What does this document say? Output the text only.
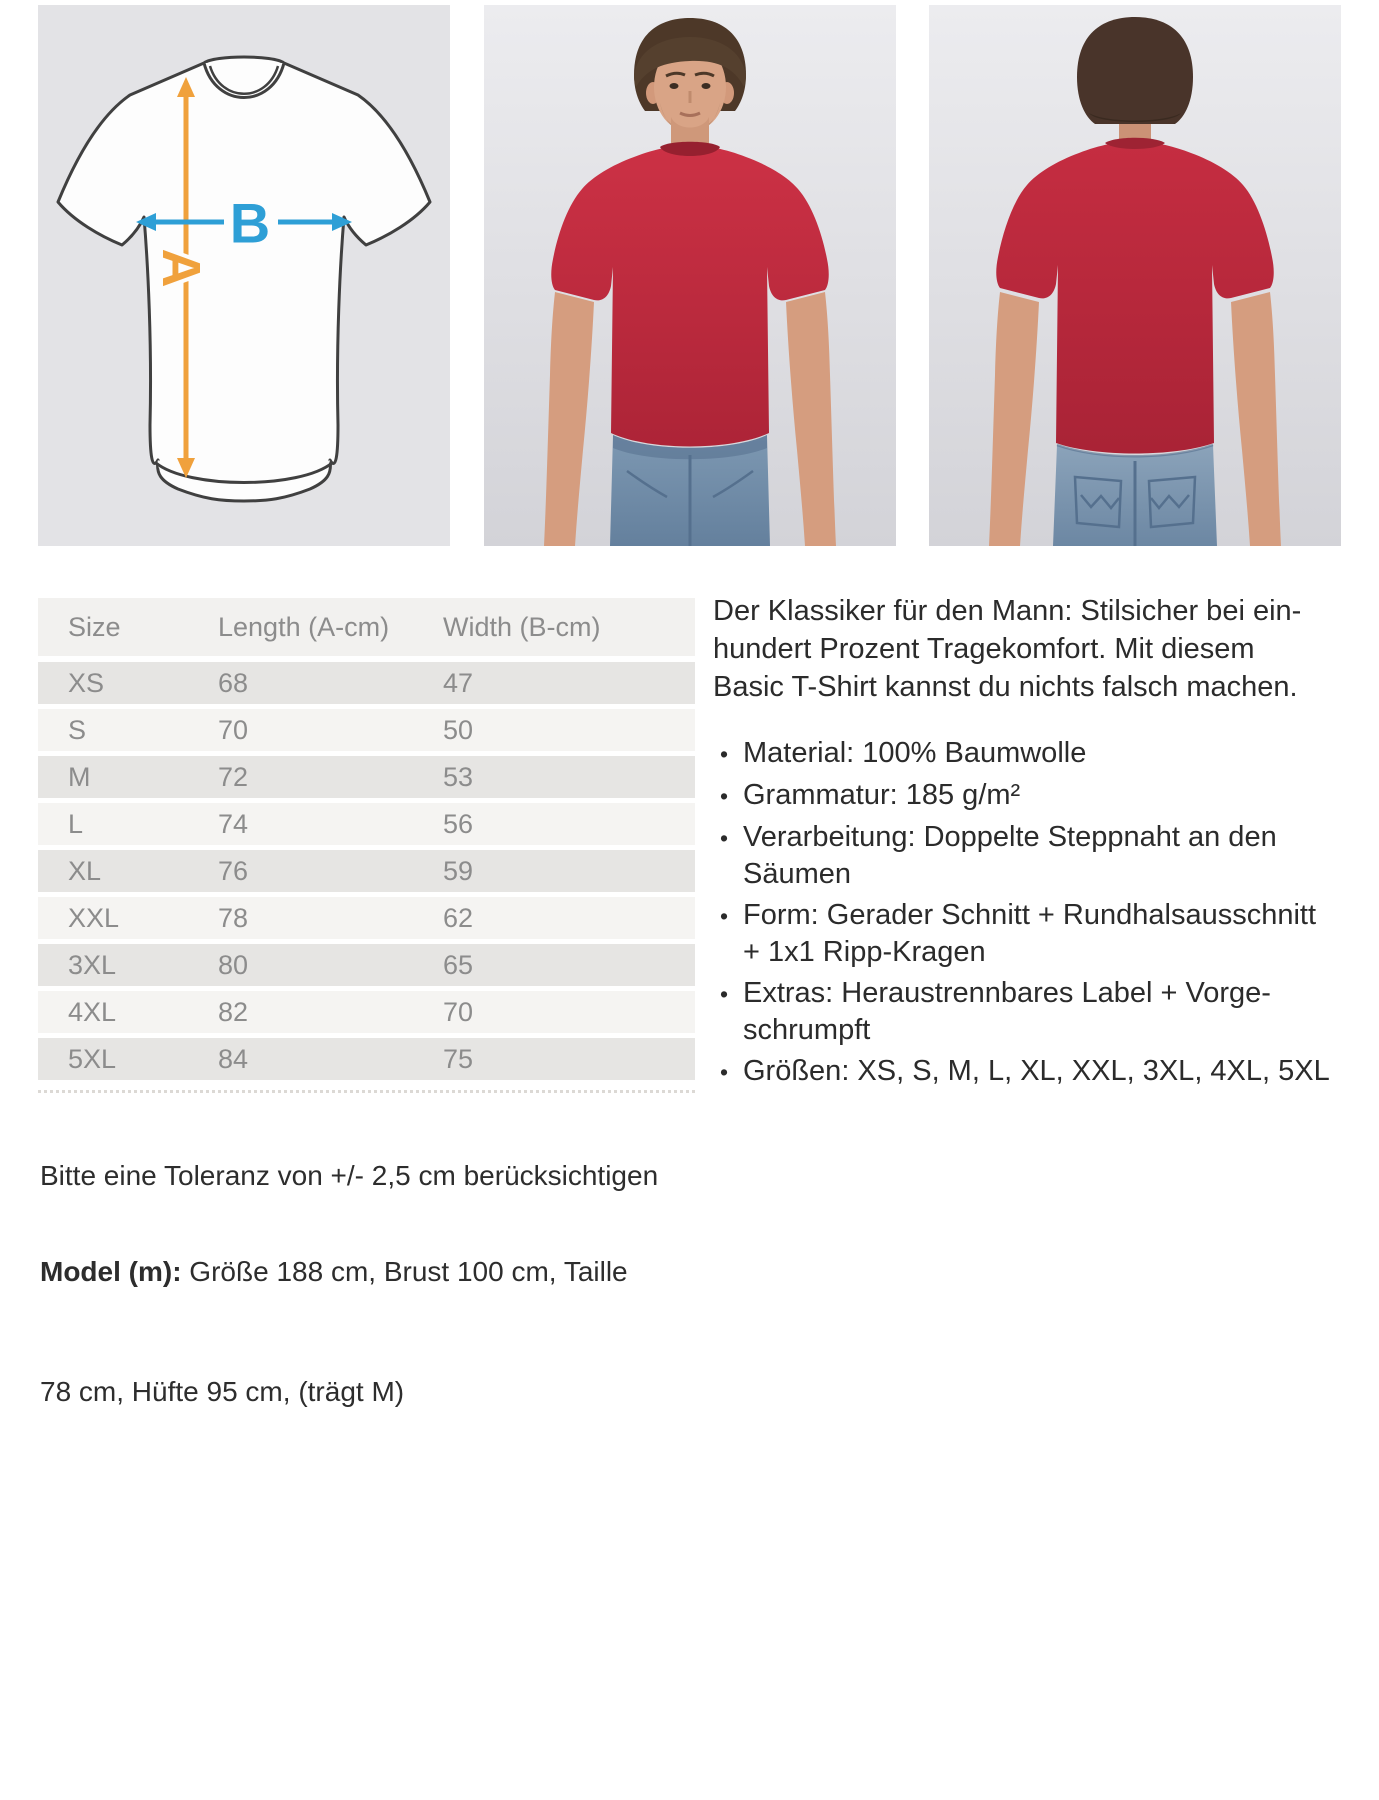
A
B
Size	Length (A-cm)	Width (B-cm)
XS	68	47
S	70	50
M	72	53
L	74	56
XL	76	59
XXL	78	62
3XL	80	65
4XL	82	70
5XL	84	75

Bitte eine Toleranz von +/- 2,5 cm berücksichtigen

Model (m): Größe 188 cm, Brust 100 cm, Taille

78 cm, Hüfte 95 cm, (trägt M)

Der Klassiker für den Mann: Stilsicher bei ein-
hundert Prozent Tragekomfort. Mit diesem
Basic T-Shirt kannst du nichts falsch machen.
• Material: 100% Baumwolle
• Grammatur: 185 g/m²
• Verarbeitung: Doppelte Steppnaht an den
Säumen
• Form: Gerader Schnitt + Rundhalsausschnitt
+ 1x1 Ripp-Kragen
• Extras: Heraustrennbares Label + Vorge-
schrumpft
• Größen: XS, S, M, L, XL, XXL, 3XL, 4XL, 5XL
